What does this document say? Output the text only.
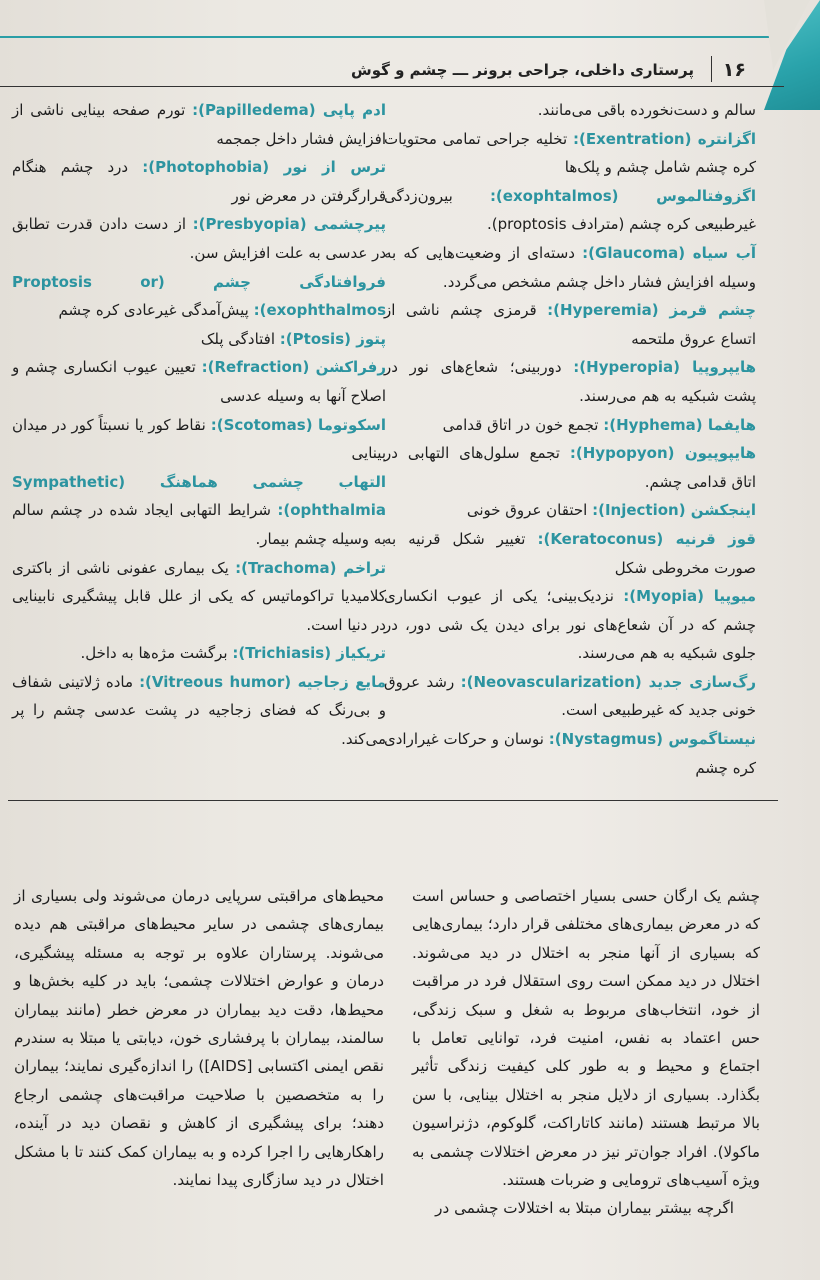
۱۶
پرستاری داخلی، جراحی برونر ـــ چشم و گوش

سالم و دست‌نخورده باقی می‌مانند.

اگزانتره (Exentration): تخلیه جراحی تمامی محتویات کره چشم شامل چشم و پلک‌ها

اگزوفتالموس (exophtalmos): بیرون‌زدگی غیرطبیعی کره چشم (مترادف proptosis).

آب سیاه (Glaucoma): دسته‌ای از وضعیت‌هایی که به وسیله افزایش فشار داخل چشم مشخص می‌گردد.

چشم قرمز (Hyperemia): قرمزی چشم ناشی از اتساع عروق ملتحمه

هایپروپیا (Hyperopia): دوربینی؛ شعاع‌های نور در پشت شبکیه به هم می‌رسند.

هایفما (Hyphema): تجمع خون در اتاق قدامی

هایپوپیون (Hypopyon): تجمع سلول‌های التهابی در اتاق قدامی چشم.

اینجکشن (Injection): احتقان عروق خونی

قوز قرنیه (Keratoconus): تغییر شکل قرنیه به صورت مخروطی شکل

میوپیا (Myopia): نزدیک‌بینی؛ یکی از عیوب انکساری چشم که در آن شعاع‌های نور برای دیدن یک شی دور، در جلوی شبکیه به هم می‌رسند.

رگ‌سازی جدید (Neovascularization): رشد عروق خونی جدید که غیرطبیعی است.

نیستاگموس (Nystagmus): نوسان و حرکات غیرارادی کره چشم

ادم پاپی (Papilledema): تورم صفحه بینایی ناشی از افزایش فشار داخل جمجمه

ترس از نور (Photophobia): درد چشم هنگام قرارگرفتن در معرض نور

پیرچشمی (Presbyopia): از دست دادن قدرت تطابق در عدسی به علت افزایش سن.

فروافتادگی چشم (Proptosis or exophthalmos): پیش‌آمدگی غیرعادی کره چشم

پتوز (Ptosis): افتادگی پلک

رفراکشن (Refraction): تعیین عیوب انکساری چشم و اصلاح آنها به وسیله عدسی

اسکوتوما (Scotomas): نقاط کور یا نسبتاً کور در میدان بینایی

التهاب چشمی هماهنگ (Sympathetic ophthalmia): شرایط التهابی ایجاد شده در چشم سالم به وسیله چشم بیمار.

تراخم (Trachoma): یک بیماری عفونی ناشی از باکتری کلامیدیا تراکوماتیس که یکی از علل قابل پیشگیری نابینایی در دنیا است.

تریکیاز (Trichiasis): برگشت مژه‌ها به داخل.

مایع زجاجیه (Vitreous humor): ماده ژلاتینی شفاف و بی‌رنگ که فضای زجاجیه در پشت عدسی چشم را پر می‌کند.

چشم یک ارگان حسی بسیار اختصاصی و حساس است که در معرض بیماری‌های مختلفی قرار دارد؛ بیماری‌هایی که بسیاری از آنها منجر به اختلال در دید می‌شوند. اختلال در دید ممکن است روی استقلال فرد در مراقبت از خود، انتخاب‌های مربوط به شغل و سبک زندگی، حس اعتماد به نفس، امنیت فرد، توانایی تعامل با اجتماع و محیط و به طور کلی کیفیت زندگی تأثیر بگذارد. بسیاری از دلایل منجر به اختلال بینایی، با سن بالا مرتبط هستند (مانند کاتاراکت، گلوکوم، دژنراسیون ماکولا). افراد جوان‌تر نیز در معرض اختلالات چشمی به ویژه آسیب‌های ترومایی و ضربات هستند.

اگرچه بیشتر بیماران مبتلا به اختلالات چشمی در

محیط‌های مراقبتی سرپایی درمان می‌شوند ولی بسیاری از بیماری‌های چشمی در سایر محیط‌های مراقبتی هم دیده می‌شوند. پرستاران علاوه بر توجه به مسئله پیشگیری، درمان و عوارض اختلالات چشمی؛ باید در کلیه بخش‌ها و محیط‌ها، دقت دید بیماران در معرض خطر (مانند بیماران سالمند، بیماران با پرفشاری خون، دیابتی یا مبتلا به سندرم نقص ایمنی اکتسابی [AIDS]) را اندازه‌گیری نمایند؛ بیماران را به متخصصین با صلاحیت مراقبت‌های چشمی ارجاع دهند؛ برای پیشگیری از کاهش و نقصان دید در آینده، راهکارهایی را اجرا کرده و به بیماران کمک کنند تا با مشکل اختلال در دید سازگاری پیدا نمایند.
